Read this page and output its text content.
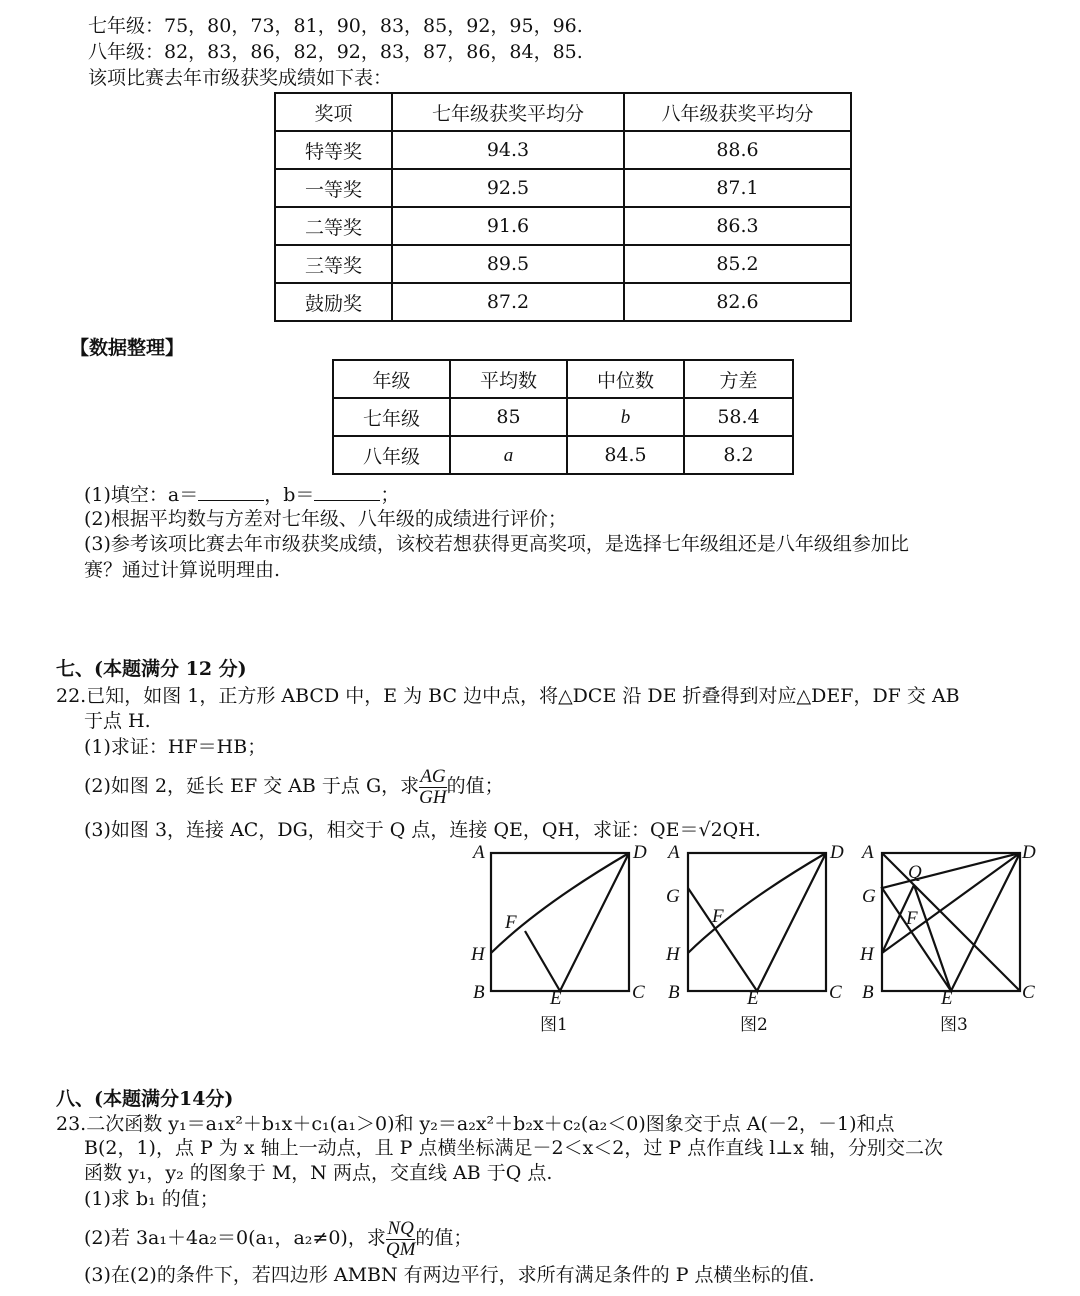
七年级：75，80，73，81，90，83，85，92，95，96.
八年级：82，83，86，82，92，83，87，86，84，85.
该项比赛去年市级获奖成绩如下表：
奖项	七年级获奖平均分	八年级获奖平均分
特等奖	94.3	88.6
一等奖	92.5	87.1
二等奖	91.6	86.3
三等奖	89.5	85.2
鼓励奖	87.2	82.6
【数据整理】
年级	平均数	中位数	方差
七年级	85	b	58.4
八年级	a	84.5	8.2
(1)填空：a＝	，b＝	；
(2)根据平均数与方差对七年级、八年级的成绩进行评价；
(3)参考该项比赛去年市级获奖成绩，该校若想获得更高奖项，是选择七年级组还是八年级组参加比
赛？通过计算说明理由.
七、(本题满分 12 分)
22.已知，如图 1，正方形 ABCD 中，E 为 BC 边中点，将△DCE 沿 DE 折叠得到对应△DEF，DF 交 AB
于点 H.
(1)求证：HF＝HB；
(2)如图 2，延长 EF 交 AB 于点 G，求 $\frac{AG}{GH}$ 的值；
(3)如图 3，连接 AC，DG，相交于 Q 点，连接 QE，QH，求证：QE＝√2QH.
A
B	C
D
E
F
H
图1
A
B	C
D
E
F
G
H
图2
A
B	C
D
E
F
G
H
Q
图3
八、(本题满分14分)
23.二次函数 y₁＝a₁x²＋b₁x＋c₁(a₁＞0)和 y₂＝a₂x²＋b₂x＋c₂(a₂＜0)图象交于点 A(－2，－1)和点
B(2，1)，点 P 为 x 轴上一动点，且 P 点横坐标满足－2＜x＜2，过 P 点作直线 l⊥x 轴，分别交二次
函数 y₁，y₂ 的图象于 M，N 两点，交直线 AB 于Q 点.
(1)求 b₁ 的值；
(2)若 3a₁＋4a₂＝0(a₁，a₂≠0)，求 $\frac{NQ}{QM}$ 的值；
(3)在(2)的条件下，若四边形 AMBN 有两边平行，求所有满足条件的 P 点横坐标的值.
